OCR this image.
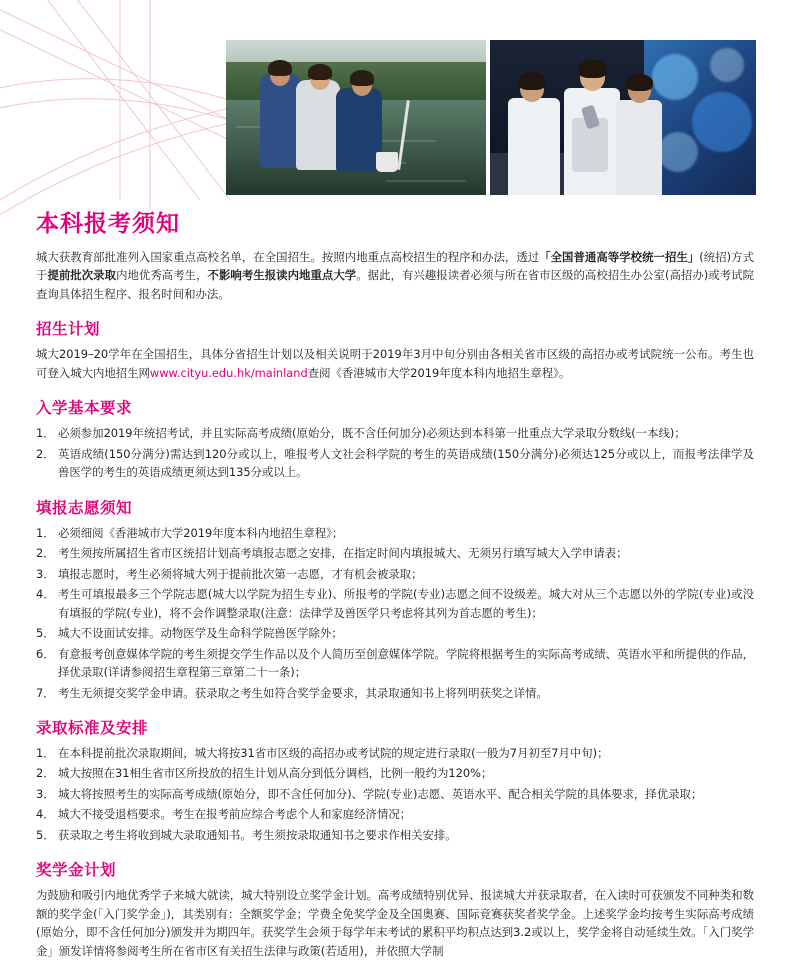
本科报考须知

城大获教育部批准列入国家重点高校名单，在全国招生。按照内地重点高校招生的程序和办法，透过「全国普通高等学校统一招生」(统招)方式于提前批次录取内地优秀高考生，不影响考生报读内地重点大学。据此，有兴趣报读者必须与所在省市区级的高校招生办公室(高招办)或考试院查询具体招生程序、报名时间和办法。

招生计划

城大2019–20学年在全国招生，具体分省招生计划以及相关说明于2019年3月中旬分别由各相关省市区级的高招办或考试院统一公布。考生也可登入城大内地招生网www.cityu.edu.hk/mainland查阅《香港城市大学2019年度本科内地招生章程》。

入学基本要求
必须参加2019年统招考试，并且实际高考成绩(原始分，既不含任何加分)必须达到本科第一批重点大学录取分数线(一本线)；
英语成绩(150分满分)需达到120分或以上，唯报考人文社会科学院的考生的英语成绩(150分满分)必须达125分或以上，而报考法律学及兽医学的考生的英语成绩更须达到135分或以上。
填报志愿须知
必须细阅《香港城市大学2019年度本科内地招生章程》；
考生须按所属招生省市区统招计划高考填报志愿之安排，在指定时间内填报城大、无须另行填写城大入学申请表；
填报志愿时，考生必须将城大列于提前批次第一志愿，才有机会被录取；
考生可填报最多三个学院志愿(城大以学院为招生专业)、所报考的学院(专业)志愿之间不设级差。城大对从三个志愿以外的学院(专业)或没有填报的学院(专业)，将不会作调整录取(注意：法律学及兽医学只考虑将其列为首志愿的考生)；
城大不设面试安排。动物医学及生命科学院兽医学除外；
有意报考创意媒体学院的考生须提交学生作品以及个人简历至创意媒体学院。学院将根据考生的实际高考成绩、英语水平和所提供的作品，择优录取(详请参阅招生章程第三章第二十一条)；
考生无须提交奖学金申请。获录取之考生如符合奖学金要求，其录取通知书上将列明获奖之详情。
录取标准及安排
在本科提前批次录取期间，城大将按31省市区级的高招办或考试院的规定进行录取(一般为7月初至7月中旬)；
城大按照在31相生省市区所投放的招生计划从高分到低分调档，比例一般约为120%；
城大将按照考生的实际高考成绩(原始分，即不含任何加分)、学院(专业)志愿、英语水平、配合相关学院的具体要求，择优录取；
城大不接受退档要求。考生在报考前应综合考虑个人和家庭经济情况；
获录取之考生将收到城大录取通知书。考生须按录取通知书之要求作相关安排。
奖学金计划

为鼓励和吸引内地优秀学子来城大就读，城大特别设立奖学金计划。高考成绩特别优异、报读城大并获录取者，在入读时可获颁发不同种类和数额的奖学金(「入门奖学金」)，其类别有：全额奖学金；学费全免奖学金及全国奥赛、国际竞赛获奖者奖学金。上述奖学金均按考生实际高考成绩(原始分，即不含任何加分)颁发并为期四年。获奖学生会须于每学年末考试的累积平均积点达到3.2或以上，奖学金将自动延续生效。「入门奖学金」颁发详情将参阅考生所在省市区有关招生法律与政策(若适用)，并依照大学制
